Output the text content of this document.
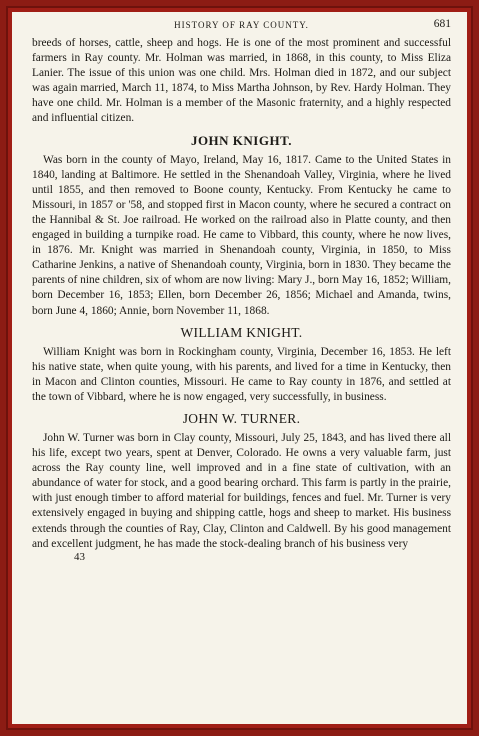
HISTORY OF RAY COUNTY.	681

breeds of horses, cattle, sheep and hogs. He is one of the most prominent and successful farmers in Ray county. Mr. Holman was married, in 1868, in this county, to Miss Eliza Lanier. The issue of this union was one child. Mrs. Holman died in 1872, and our subject was again married, March 11, 1874, to Miss Martha Johnson, by Rev. Hardy Holman. They have one child. Mr. Holman is a member of the Masonic fraternity, and a highly respected and influential citizen.

JOHN KNIGHT.

Was born in the county of Mayo, Ireland, May 16, 1817. Came to the United States in 1840, landing at Baltimore. He settled in the Shenandoah Valley, Virginia, where he lived until 1855, and then removed to Boone county, Kentucky. From Kentucky he came to Missouri, in 1857 or '58, and stopped first in Macon county, where he secured a contract on the Hannibal & St. Joe railroad. He worked on the railroad also in Platte county, and then engaged in building a turnpike road. He came to Vibbard, this county, where he now lives, in 1876. Mr. Knight was married in Shenandoah county, Virginia, in 1850, to Miss Catharine Jenkins, a native of Shenandoah county, Virginia, born in 1830. They became the parents of nine children, six of whom are now living: Mary J., born May 16, 1852; William, born December 16, 1853; Ellen, born December 26, 1856; Michael and Amanda, twins, born June 4, 1860; Annie, born November 11, 1868.

WILLIAM KNIGHT.

William Knight was born in Rockingham county, Virginia, December 16, 1853. He left his native state, when quite young, with his parents, and lived for a time in Kentucky, then in Macon and Clinton counties, Missouri. He came to Ray county in 1876, and settled at the town of Vibbard, where he is now engaged, very successfully, in business.

JOHN W. TURNER.

John W. Turner was born in Clay county, Missouri, July 25, 1843, and has lived there all his life, except two years, spent at Denver, Colorado. He owns a very valuable farm, just across the Ray county line, well improved and in a fine state of cultivation, with an abundance of water for stock, and a good bearing orchard. This farm is partly in the prairie, with just enough timber to afford material for buildings, fences and fuel. Mr. Turner is very extensively engaged in buying and shipping cattle, hogs and sheep to market. His business extends through the counties of Ray, Clay, Clinton and Caldwell. By his good management and excellent judgment, he has made the stock-dealing branch of his business very

43
